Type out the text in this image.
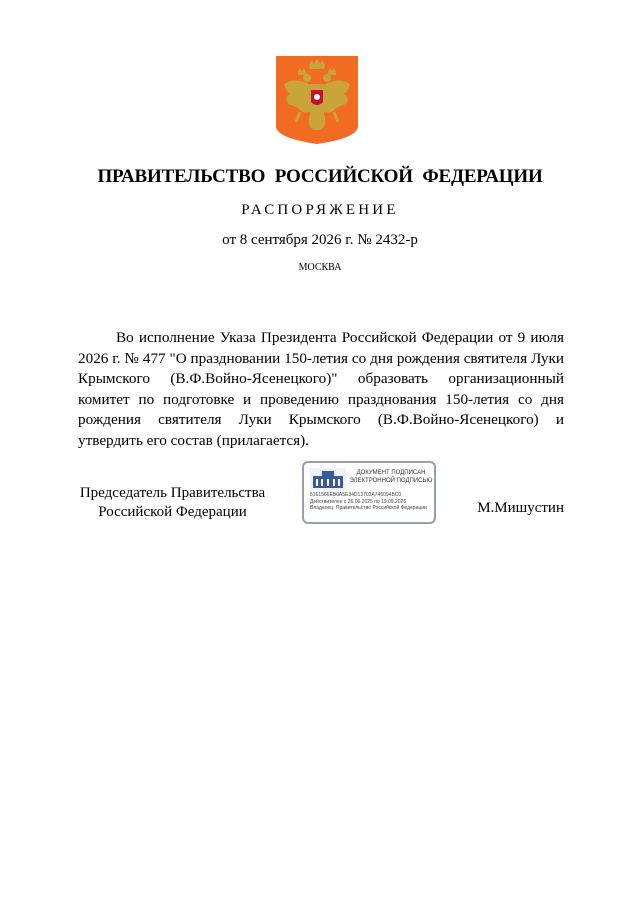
ПРАВИТЕЛЬСТВО РОССИЙСКОЙ ФЕДЕРАЦИИ
РАСПОРЯЖЕНИЕ
от 8 сентября 2026 г. № 2432-р
МОСКВА

Во исполнение Указа Президента Российской Федерации от 9 июля 2026 г. № 477 "О праздновании 150-летия со дня рождения святителя Луки Крымского (В.Ф.Войно-Ясенецкого)" образовать организационный комитет по подготовке и проведению празднования 150-летия со дня рождения святителя Луки Крымского (В.Ф.Войно-Ясенецкого) и утвердить его состав (прилагается).

Председатель Правительства
Российской Федерации
ДОКУМЕНТ ПОДПИСАН
ЭЛЕКТРОННОЙ ПОДПИСЬЮ
5161566EB0A5E34D13702A746094BC0
Действителен с 26.06.2025 по 19.09.2026
Владелец: Правительство Российской Федерации	М.Мишустин
